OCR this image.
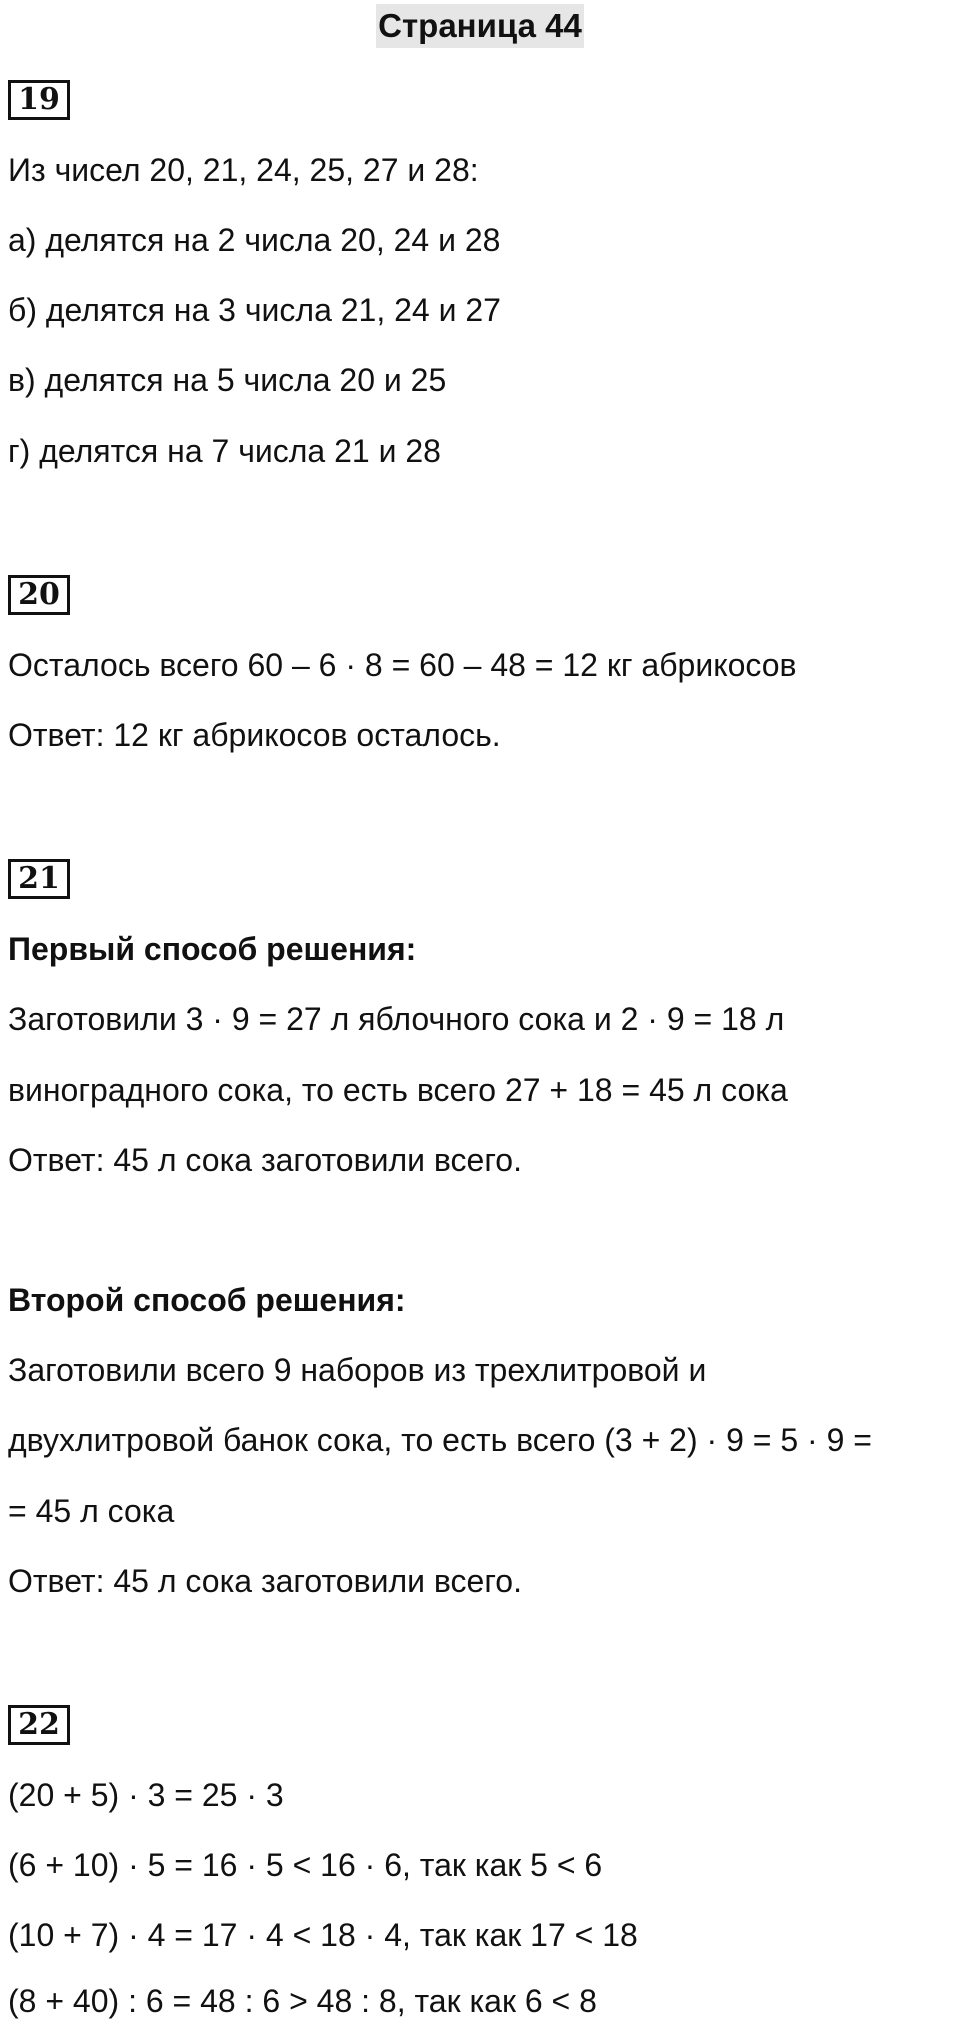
Страница 44
19
Из чисел 20, 21, 24, 25, 27 и 28:
а) делятся на 2 числа 20, 24 и 28
б) делятся на 3 числа 21, 24 и 27
в) делятся на 5 числа 20 и 25
г) делятся на 7 числа 21 и 28
20
Осталось всего 60 – 6 · 8 = 60 – 48 = 12 кг абрикосов
Ответ: 12 кг абрикосов осталось.
21
Первый способ решения:
Заготовили 3 · 9 = 27 л яблочного сока и 2 · 9 = 18 л
виноградного сока, то есть всего 27 + 18 = 45 л сока
Ответ: 45 л сока заготовили всего.
Второй способ решения:
Заготовили всего 9 наборов из трехлитровой и
двухлитровой банок сока, то есть всего (3 + 2) · 9 = 5 · 9 =
= 45 л сока
Ответ: 45 л сока заготовили всего.
22
(20 + 5) · 3 = 25 · 3
(6 + 10) · 5 = 16 · 5 < 16 · 6, так как 5 < 6
(10 + 7) · 4 = 17 · 4 < 18 · 4, так как 17 < 18
(8 + 40) : 6 = 48 : 6 > 48 : 8, так как 6 < 8
